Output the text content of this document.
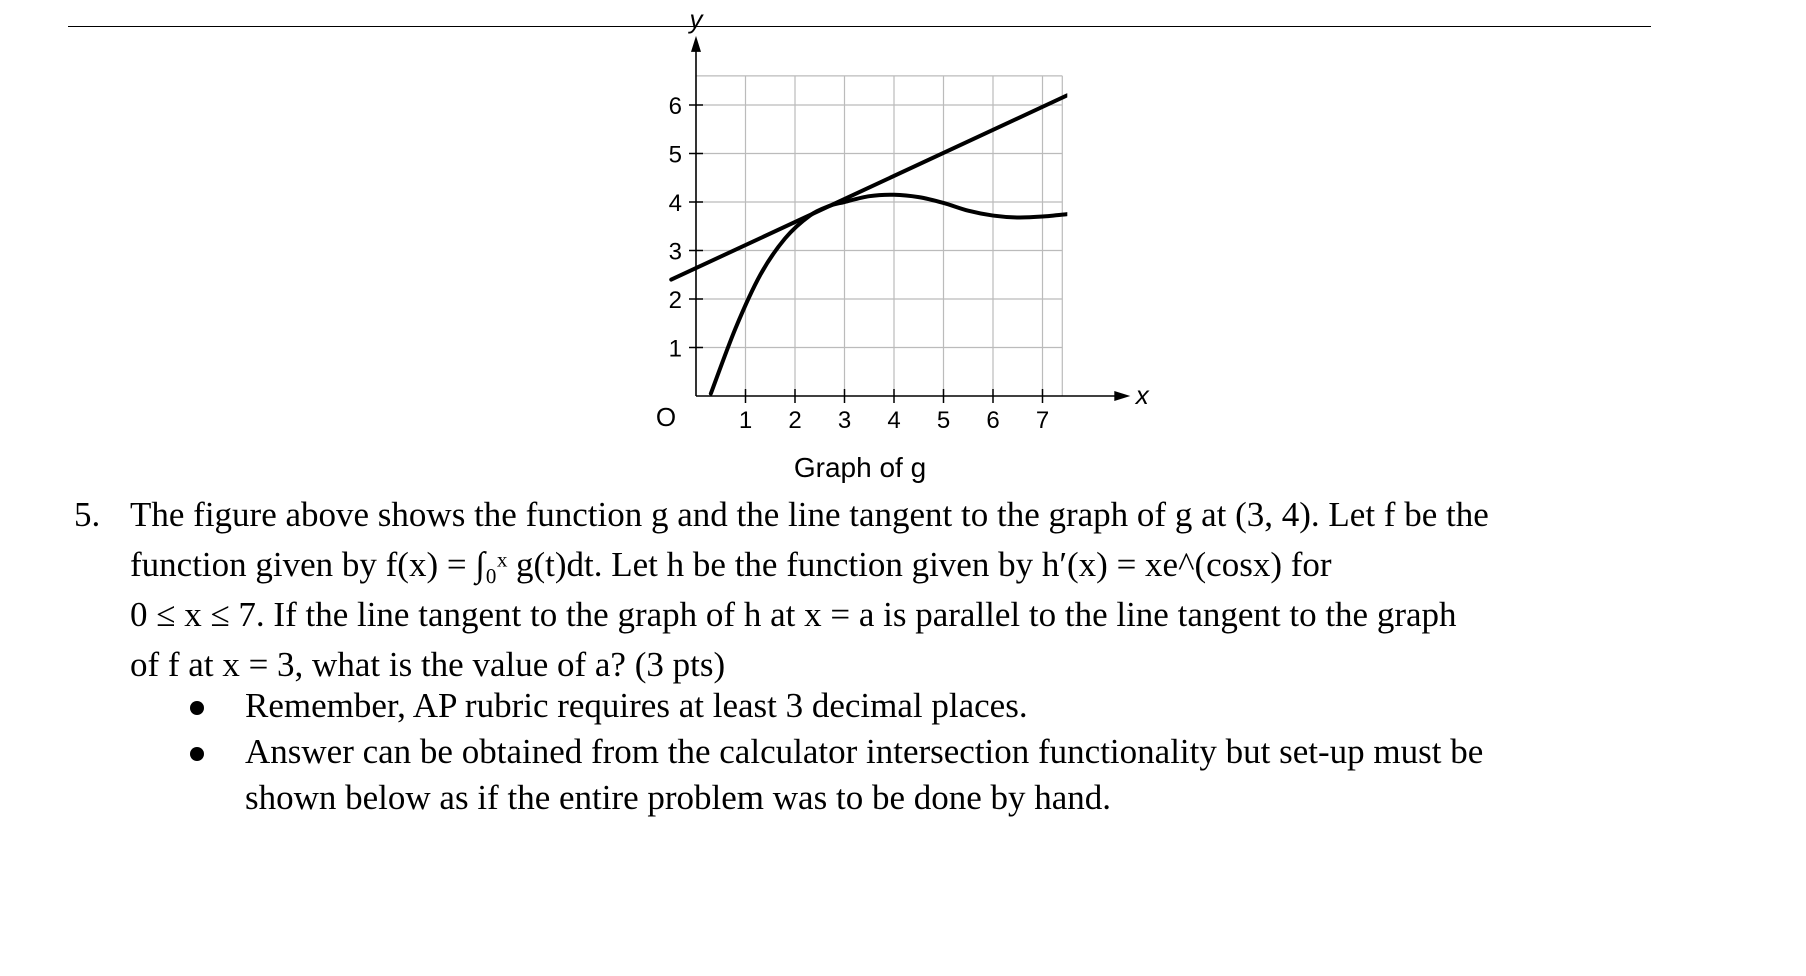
1 2 3 4 5 6 7
1
2
3
4
5
6
x
y
O
Graph of g
5. The figure above shows the function g and the line tangent to the graph of g at (3, 4). Let f be the
function given by f(x) = ∫₀ˣ g(t)dt. Let h be the function given by h′(x) = xe^(cosx) for
0 ≤ x ≤ 7. If the line tangent to the graph of h at x = a is parallel to the line tangent to the graph
of f at x = 3, what is the value of a? (3 pts)
Remember, AP rubric requires at least 3 decimal places.
Answer can be obtained from the calculator intersection functionality but set-up must be
shown below as if the entire problem was to be done by hand.
